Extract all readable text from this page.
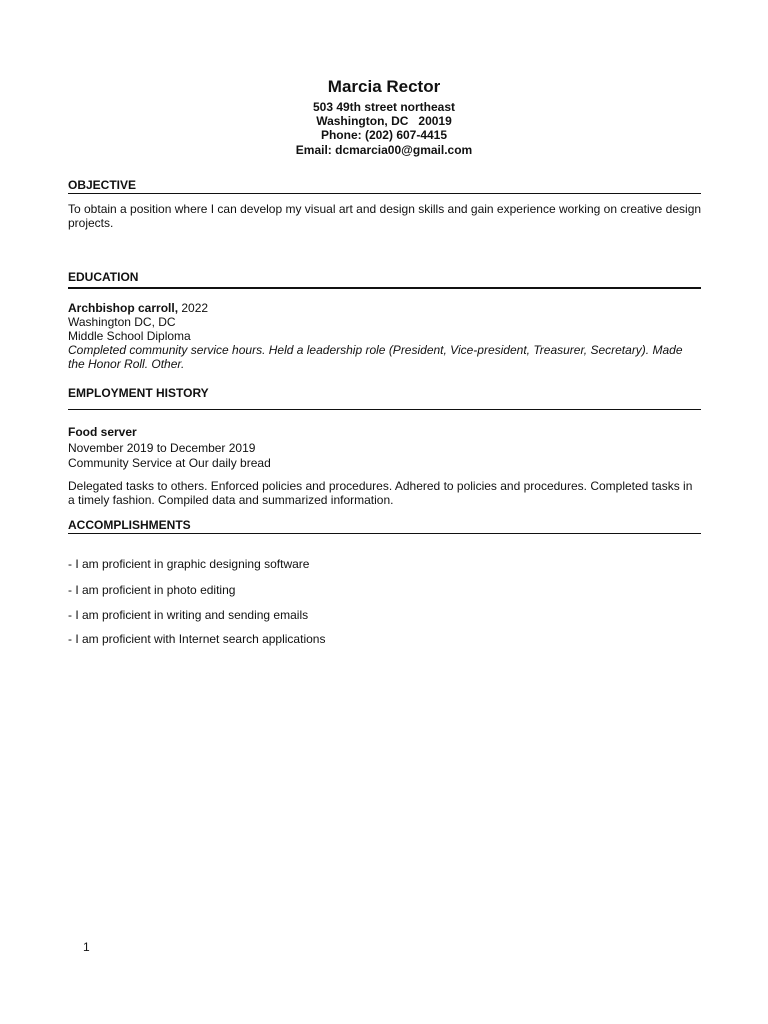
Marcia Rector
503 49th street northeast
Washington, DC   20019
Phone: (202) 607-4415
Email: dcmarcia00@gmail.com
OBJECTIVE
To obtain a position where I can develop my visual art and design skills and gain experience working on creative design projects.
EDUCATION
Archbishop carroll, 2022
Washington DC, DC
Middle School Diploma
Completed community service hours. Held a leadership role (President, Vice-president, Treasurer, Secretary). Made the Honor Roll. Other.
EMPLOYMENT HISTORY
Food server
November 2019 to December 2019
Community Service at Our daily bread
Delegated tasks to others. Enforced policies and procedures. Adhered to policies and procedures. Completed tasks in a timely fashion. Compiled data and summarized information.
ACCOMPLISHMENTS
- I am proficient in graphic designing software
- I am proficient in photo editing
- I am proficient in writing and sending emails
- I am proficient with Internet search applications
1
